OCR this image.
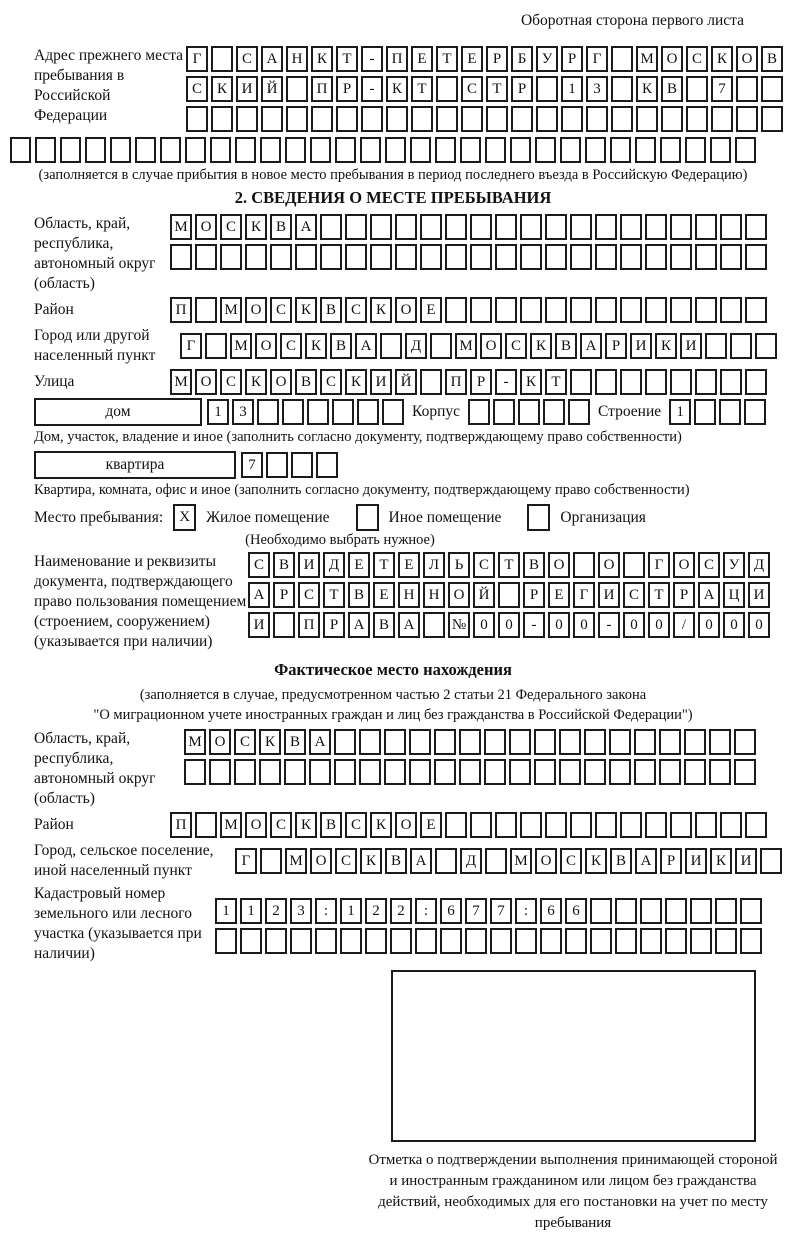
Оборотная сторона первого листа
Адрес прежнего места пребывания в Российской Федерации
Г	С А Н К	Т	-	П Е	Т	Е	Р	Б	У	Р	Г	М О С К О В
С К И Й	П	Р	-	К	Т	С	Т	Р	1	3	К В	7
(заполняется в случае прибытия в новое место пребывания в период последнего въезда в Российскую Федерацию)
2. СВЕДЕНИЯ О МЕСТЕ ПРЕБЫВАНИЯ
Область, край, республика, автономный округ (область)
М О С К В А
Район	П	М О С К В С К О Е
Город или другой населенный пункт
Г	М О С К В А	Д	М О С К В А	Р	И К И
Улица	М О С К О В С К И Й	П	Р	-	К	Т
дом	1	3	Корпус	Строение	1
Дом, участок, владение и иное (заполнить согласно документу, подтверждающему право собственности)
квартира	7
Квартира, комната, офис и иное (заполнить согласно документу, подтверждающему право собственности)
Место пребывания:	X	Жилое помещение	Иное помещение	Организация
(Необходимо выбрать нужное)
Наименование и реквизиты документа, подтверждающего право пользования помещением (строением, сооружением) (указывается при наличии)
С В И Д	Е	Т	Е	Л	Ь	С	Т	В О	О	Г	О С У Д
А	Р	С	Т	В	Е	Н Н О Й	Р	Е	Г	И С	Т	Р	А Ц И
И	П	Р	А В А	№ 0	0	-	0	0	-	0	0	/	0	0	0
Фактическое место нахождения
(заполняется в случае, предусмотренном частью 2 статьи 21 Федерального закона
"О миграционном учете иностранных граждан и лиц без гражданства в Российской Федерации")
Область, край, республика, автономный округ (область)
М О С К В А
Район	П	М О С К В С К О Е
Город, сельское поселение, иной населенный пункт
Г	М О С К В А	Д	М О С К В А	Р	И К И
Кадастровый номер земельного или лесного участка (указывается при наличии)
1	1	2	3	:	1	2	2	:	6	7	7	:	6	6
Отметка о подтверждении выполнения принимающей стороной и иностранным гражданином или лицом без гражданства действий, необходимых для его постановки на учет по месту пребывания
